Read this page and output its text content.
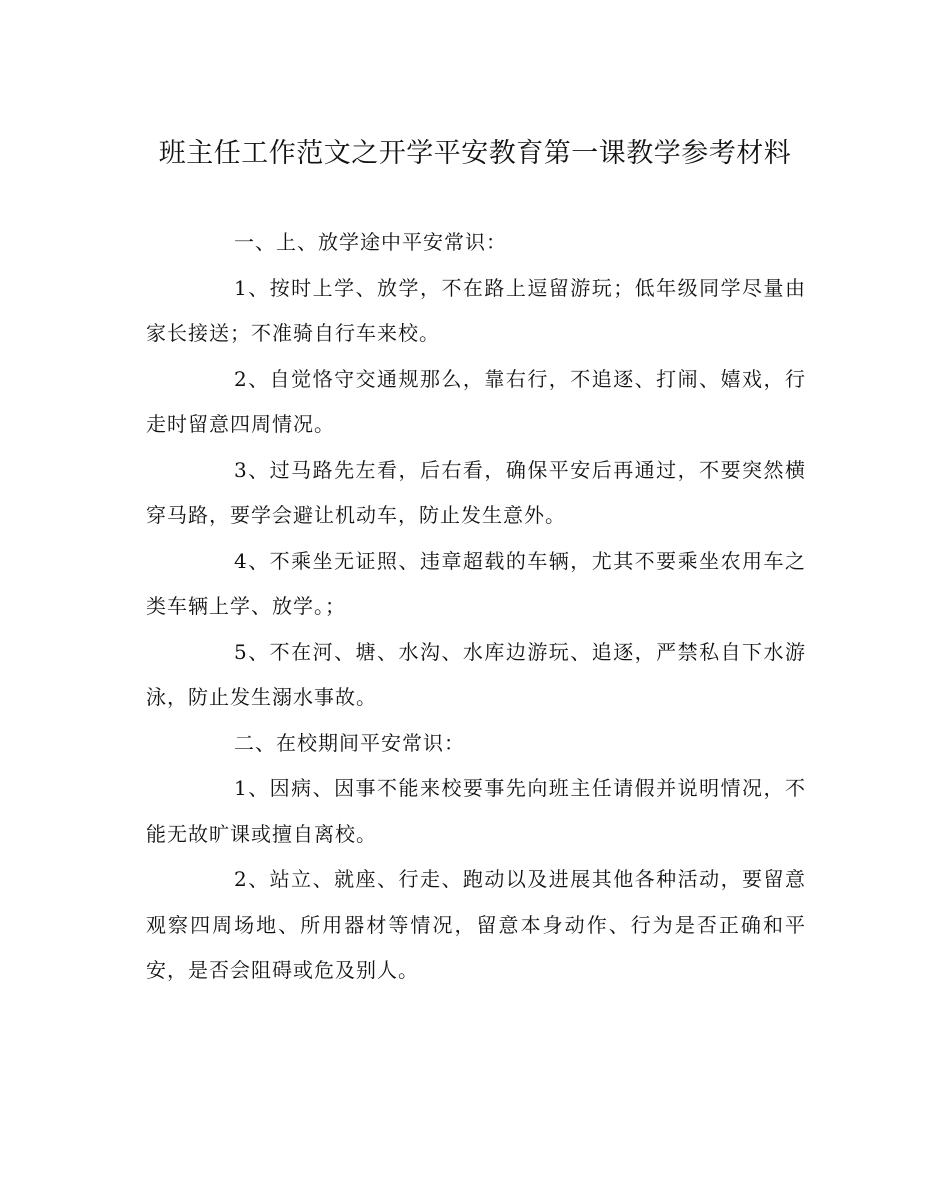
班主任工作范文之开学平安教育第一课教学参考材料

一、上、放学途中平安常识：

1、按时上学、放学，不在路上逗留游玩；低年级同学尽量由家长接送；不准骑自行车来校。

2、自觉恪守交通规那么，靠右行，不追逐、打闹、嬉戏，行走时留意四周情况。

3、过马路先左看，后右看，确保平安后再通过，不要突然横穿马路，要学会避让机动车，防止发生意外。

4、不乘坐无证照、违章超载的车辆，尤其不要乘坐农用车之类车辆上学、放学。；

5、不在河、塘、水沟、水库边游玩、追逐，严禁私自下水游泳，防止发生溺水事故。

二、在校期间平安常识：

1、因病、因事不能来校要事先向班主任请假并说明情况，不能无故旷课或擅自离校。

2、站立、就座、行走、跑动以及进展其他各种活动，要留意观察四周场地、所用器材等情况，留意本身动作、行为是否正确和平安，是否会阻碍或危及别人。
